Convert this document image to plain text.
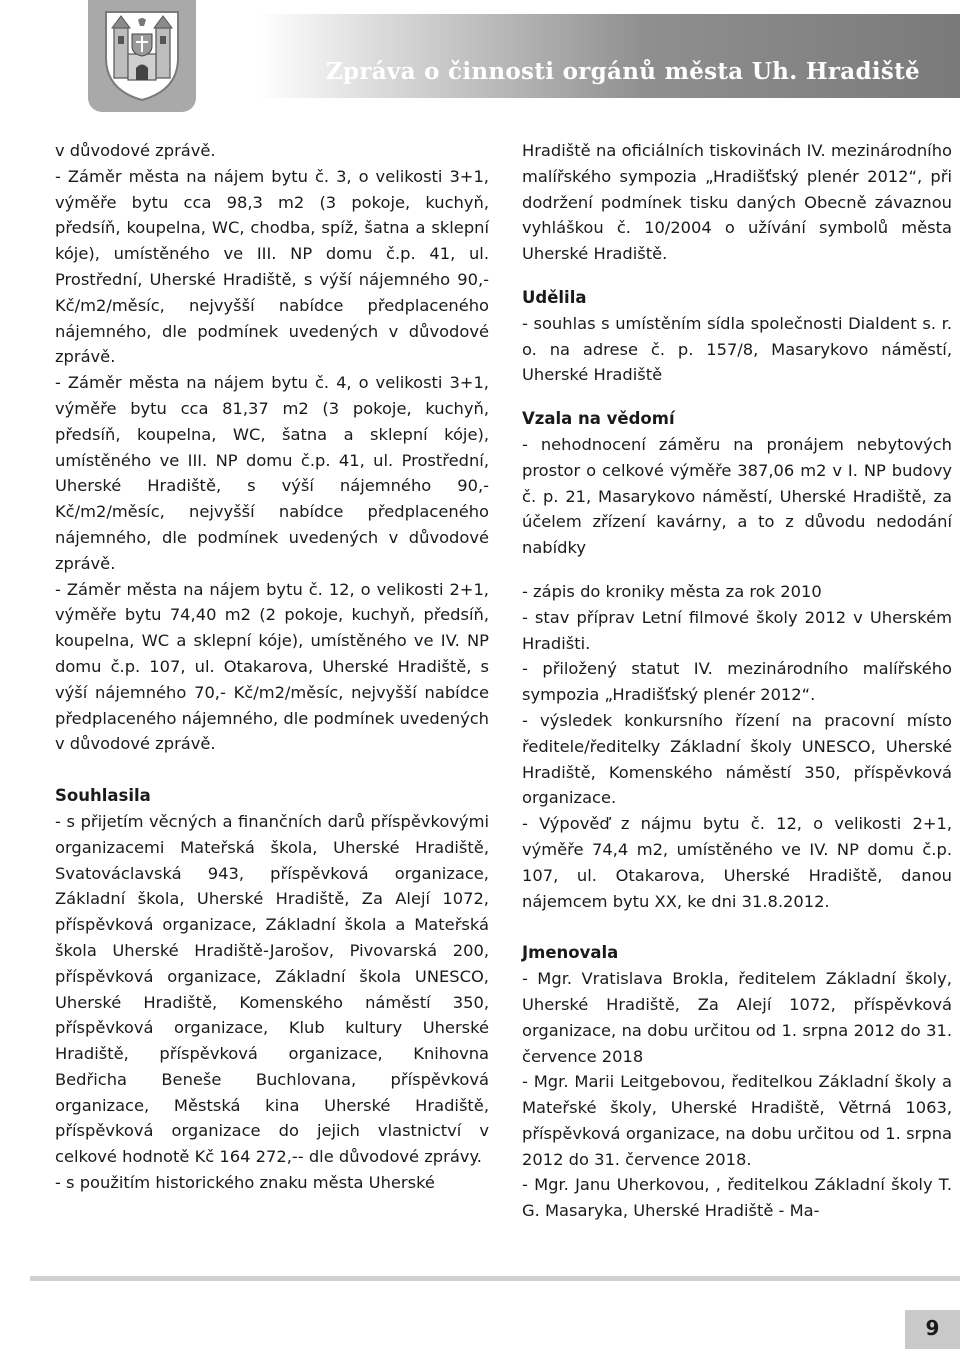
Zpráva o činnosti orgánů města Uh. Hradiště

v důvodové zprávě.

- Záměr města na nájem bytu č. 3, o velikosti 3+1, výměře bytu cca 98,3 m2 (3 pokoje, kuchyň, předsíň, koupelna, WC, chodba, spíž, šatna a sklepní kóje), umístěného ve III. NP domu č.p. 41, ul. Prostřední, Uherské Hradiště, s výší nájemného 90,- Kč/m2/měsíc, nejvyšší nabídce předplaceného nájemného, dle podmínek uvedených v důvodové zprávě.

- Záměr města na nájem bytu č. 4, o velikosti 3+1, výměře bytu cca 81,37 m2 (3 pokoje, kuchyň, předsíň, koupelna, WC, šatna a sklepní kóje), umístěného ve III. NP domu č.p. 41, ul. Prostřední, Uherské Hradiště, s výší nájemného 90,- Kč/m2/měsíc, nejvyšší nabídce předplaceného nájemného, dle podmínek uvedených v důvodové zprávě.

- Záměr města na nájem bytu č. 12, o velikosti 2+1, výměře bytu 74,40 m2 (2 pokoje, kuchyň, předsíň, koupelna, WC a sklepní kóje), umístěného ve IV. NP domu č.p. 107, ul. Otakarova, Uherské Hradiště, s výší nájemného 70,- Kč/m2/měsíc, nejvyšší nabídce předplaceného nájemného, dle podmínek uvedených v důvodové zprávě.

Souhlasila

- s přijetím věcných a finančních darů příspěvkovými organizacemi Mateřská škola, Uherské Hradiště, Svatováclavská 943, příspěvková organizace, Základní škola, Uherské Hradiště, Za Alejí 1072, příspěvková organizace, Základní škola a Mateřská škola Uherské Hradiště-Jarošov, Pivovarská 200, příspěvková organizace, Základní škola UNESCO, Uherské Hradiště, Komenského náměstí 350, příspěvková organizace, Klub kultury Uherské Hradiště, příspěvková organizace, Knihovna Bedřicha Beneše Buchlovana, příspěvková organizace, Městská kina Uherské Hradiště, příspěvková organizace do jejich vlastnictví v celkové hodnotě Kč 164 272,-- dle důvodové zprávy.

- s použitím historického znaku města Uherské

Hradiště na oficiálních tiskovinách IV. mezinárodního malířského sympozia „Hradišťský plenér 2012“, při dodržení podmínek tisku daných Obecně závaznou vyhláškou č. 10/2004 o užívání symbolů města Uherské Hradiště.

Udělila

- souhlas s umístěním sídla společnosti Dialdent s. r. o. na adrese č. p. 157/8, Masarykovo náměstí, Uherské Hradiště

Vzala na vědomí

- nehodnocení záměru na pronájem nebytových prostor o celkové výměře 387,06 m2 v I. NP budovy č. p. 21, Masarykovo náměstí, Uherské Hradiště, za účelem zřízení kavárny, a to z důvodu nedodání nabídky

- zápis do kroniky města za rok 2010

- stav příprav Letní filmové školy 2012 v Uherském Hradišti.

- přiložený statut IV. mezinárodního malířského sympozia „Hradišťský plenér 2012“.

- výsledek konkursního řízení na pracovní místo ředitele/ředitelky Základní školy UNESCO, Uherské Hradiště, Komenského náměstí 350, příspěvková organizace.

- Výpověď z nájmu bytu č. 12, o velikosti 2+1, výměře 74,4 m2, umístěného ve IV. NP domu č.p. 107, ul. Otakarova, Uherské Hradiště, danou nájemcem bytu XX, ke dni 31.8.2012.

Jmenovala

- Mgr. Vratislava Brokla, ředitelem Základní školy, Uherské Hradiště, Za Alejí 1072, příspěvková organizace, na dobu určitou od 1. srpna 2012 do 31. července 2018

- Mgr. Marii Leitgebovou, ředitelkou Základní školy a Mateřské školy, Uherské Hradiště, Větrná 1063, příspěvková organizace, na dobu určitou od 1. srpna 2012 do 31. července 2018.

- Mgr. Janu Uherkovou, , ředitelkou Základní školy T. G. Masaryka, Uherské Hradiště - Ma-

9
